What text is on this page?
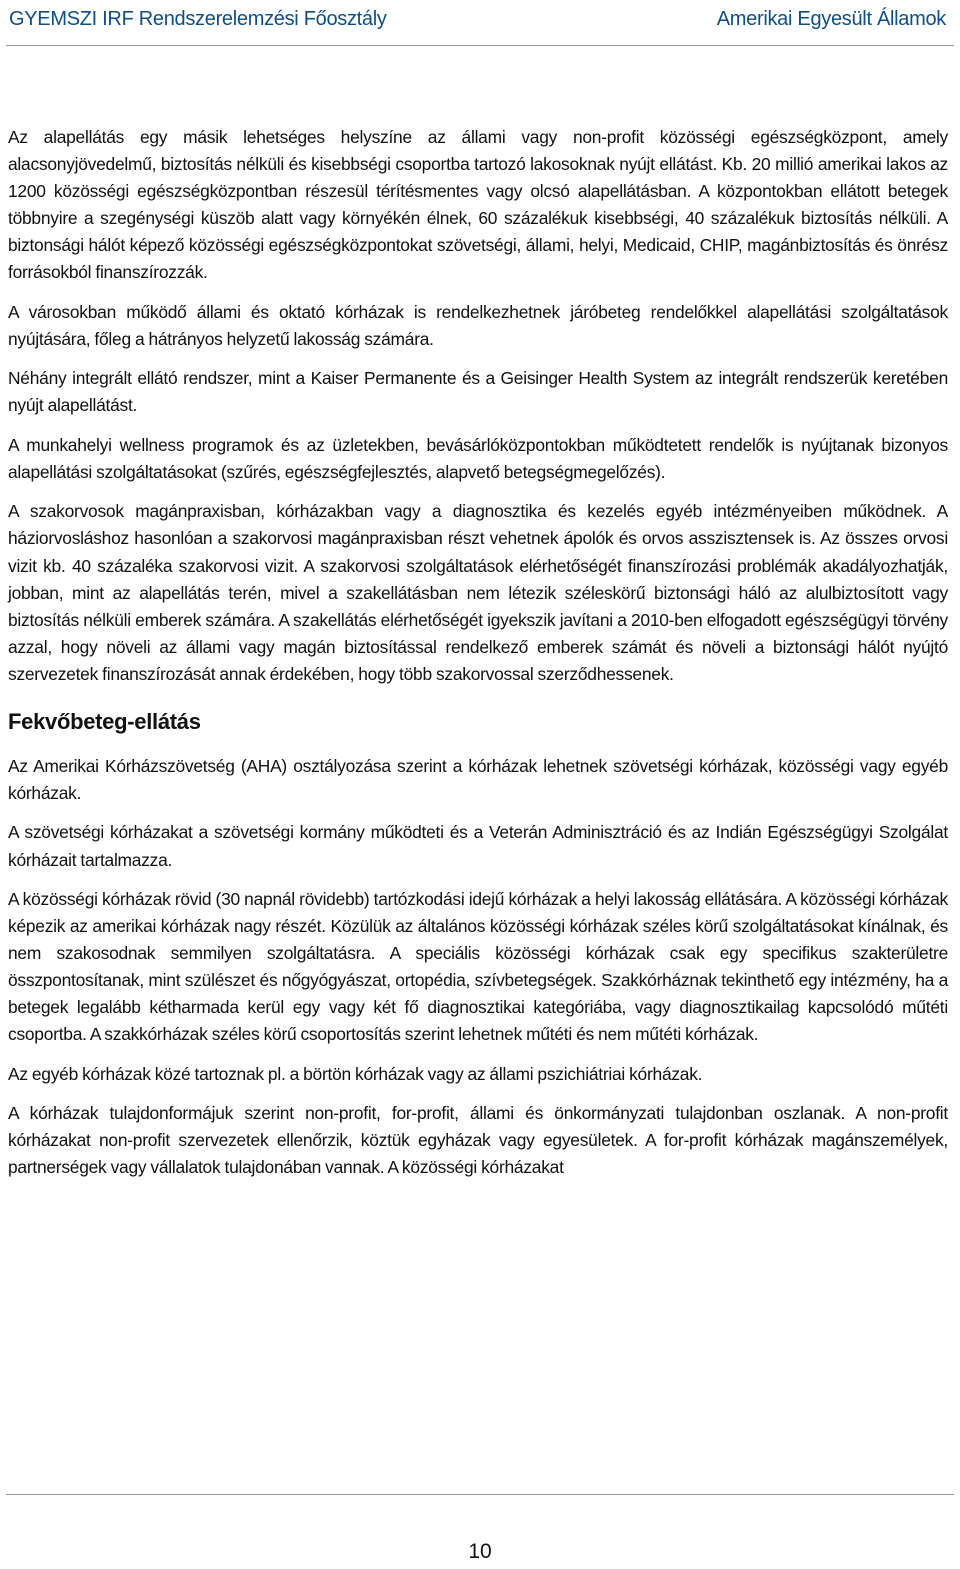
GYEMSZI IRF Rendszerelemzési Főosztály	Amerikai Egyesült Államok

Az alapellátás egy másik lehetséges helyszíne az állami vagy non-profit közösségi egészségközpont, amely alacsonyjövedelmű, biztosítás nélküli és kisebbségi csoportba tartozó lakosoknak nyújt ellátást. Kb. 20 millió amerikai lakos az 1200 közösségi egészségközpontban részesül térítésmentes vagy olcsó alapellátásban. A központokban ellátott betegek többnyire a szegénységi küszöb alatt vagy környékén élnek, 60 százalékuk kisebbségi, 40 százalékuk biztosítás nélküli. A biztonsági hálót képező közösségi egészségközpontokat szövetségi, állami, helyi, Medicaid, CHIP, magánbiztosítás és önrész forrásokból finanszírozzák.

A városokban működő állami és oktató kórházak is rendelkezhetnek járóbeteg rendelőkkel alapellátási szolgáltatások nyújtására, főleg a hátrányos helyzetű lakosság számára.

Néhány integrált ellátó rendszer, mint a Kaiser Permanente és a Geisinger Health System az integrált rendszerük keretében nyújt alapellátást.

A munkahelyi wellness programok és az üzletekben, bevásárlóközpontokban működtetett rendelők is nyújtanak bizonyos alapellátási szolgáltatásokat (szűrés, egészségfejlesztés, alapvető betegségmegelőzés).

A szakorvosok magánpraxisban, kórházakban vagy a diagnosztika és kezelés egyéb intézményeiben működnek. A háziorvosláshoz hasonlóan a szakorvosi magánpraxisban részt vehetnek ápolók és orvos asszisztensek is. Az összes orvosi vizit kb. 40 százaléka szakorvosi vizit. A szakorvosi szolgáltatások elérhetőségét finanszírozási problémák akadályozhatják, jobban, mint az alapellátás terén, mivel a szakellátásban nem létezik széleskörű biztonsági háló az alulbiztosított vagy biztosítás nélküli emberek számára. A szakellátás elérhetőségét igyekszik javítani a 2010-ben elfogadott egészségügyi törvény azzal, hogy növeli az állami vagy magán biztosítással rendelkező emberek számát és növeli a biztonsági hálót nyújtó szervezetek finanszírozását annak érdekében, hogy több szakorvossal szerződhessenek.

Fekvőbeteg-ellátás

Az Amerikai Kórházszövetség (AHA) osztályozása szerint a kórházak lehetnek szövetségi kórházak, közösségi vagy egyéb kórházak.

A szövetségi kórházakat a szövetségi kormány működteti és a Veterán Adminisztráció és az Indián Egészségügyi Szolgálat kórházait tartalmazza.

A közösségi kórházak rövid (30 napnál rövidebb) tartózkodási idejű kórházak a helyi lakosság ellátására. A közösségi kórházak képezik az amerikai kórházak nagy részét. Közülük az általános közösségi kórházak széles körű szolgáltatásokat kínálnak, és nem szakosodnak semmilyen szolgáltatásra. A speciális közösségi kórházak csak egy specifikus szakterületre összpontosítanak, mint szülészet és nőgyógyászat, ortopédia, szívbetegségek. Szakkórháznak tekinthető egy intézmény, ha a betegek legalább kétharmada kerül egy vagy két fő diagnosztikai kategóriába, vagy diagnosztikailag kapcsolódó műtéti csoportba. A szakkórházak széles körű csoportosítás szerint lehetnek műtéti és nem műtéti kórházak.

Az egyéb kórházak közé tartoznak pl. a börtön kórházak vagy az állami pszichiátriai kórházak.

A kórházak tulajdonformájuk szerint non-profit, for-profit, állami és önkormányzati tulajdonban oszlanak. A non-profit kórházakat non-profit szervezetek ellenőrzik, köztük egyházak vagy egyesületek. A for-profit kórházak magánszemélyek, partnerségek vagy vállalatok tulajdonában vannak. A közösségi kórházakat

10
